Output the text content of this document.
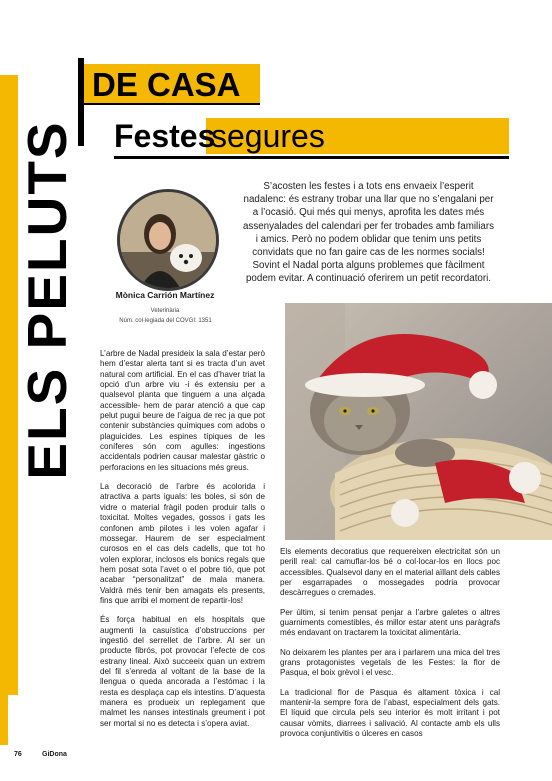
ELS PELUTS
DE CASA
Festes
segures
Mònica Carrión Martínez
Veterinària
Núm. col·legiada del COVGI: 1351
S’acosten les festes i a tots ens envaeix l’esperit nadalenc: és estrany trobar una llar que no s’engalani per a l’ocasió. Qui més qui menys, aprofita les dates més assenyalades del calendari per fer trobades amb familiars i amics. Però no podem oblidar que tenim uns petits convidats que no fan gaire cas de les normes socials! Sovint el Nadal porta alguns problemes que fàcilment podem evitar. A continuació oferirem un petit recordatori.

L’arbre de Nadal presideix la sala d’estar però hem d’estar alerta tant si es tracta d’un avet natural com artificial. En el cas d’haver triat la opció d’un arbre viu -i és extensiu per a qualsevol planta que tinguem a una alçada accessible- hem de parar atenció a que cap pelut pugui beure de l’aigua de rec ja que pot contenir substàncies químiques com adobs o plaguicides. Les espines típiques de les coníferes són com agulles: ingestions accidentals podrien causar malestar gàstric o perforacions en les situacions més greus.

La decoració de l’arbre és acolorida i atractiva a parts iguals: les boles, si són de vidre o material fràgil poden produir talls o toxicitat. Moltes vegades, gossos i gats les confonen amb pilotes i les volen agafar i mossegar. Haurem de ser especialment curosos en el cas dels cadells, que tot ho volen explorar, inclosos els bonics regals que hem posat sota l’avet o el pobre tió, que pot acabar “personalitzat” de mala manera. Valdrà més tenir ben amagats els presents, fins que arribi el moment de repartir-los!

És força habitual en els hospitals que augmenti la casuística d’obstruccions per ingestió del serrellet de l’arbre. Al ser un producte fibrós, pot provocar l’efecte de cos estrany lineal. Això succeeix quan un extrem del fil s’enreda al voltant de la base de la llengua o queda ancorada a l’estómac i la resta es desplaça cap els intestins. D’aquesta manera es produeix un replegament que malmet les nanses intestinals greument i pot ser mortal si no es detecta i s’opera aviat.

Els elements decoratius que requereixen electricitat són un perill real: cal camuflar-los bé o col·locar-los en llocs poc accessibles. Qualsevol dany en el material aïllant dels cables per esgarrapades o mossegades podria provocar descàrregues o cremades.

Per últim, si tenim pensat penjar a l’arbre galetes o altres guarniments comestibles, és millor estar atent uns paràgrafs més endavant on tractarem la toxicitat alimentària.

No deixarem les plantes per ara i parlarem una mica del tres grans protagonistes vegetals de les Festes: la flor de Pasqua, el boix grèvol i el vesc.

La tradicional flor de Pasqua és altament tòxica i cal mantenir-la sempre fora de l’abast, especialment dels gats. El líquid que circula pels seu interior és molt irritant i pot causar vòmits, diarrees i salivació. Al contacte amb els ulls provoca conjuntivitis o úlceres en casos

76	GiDona
